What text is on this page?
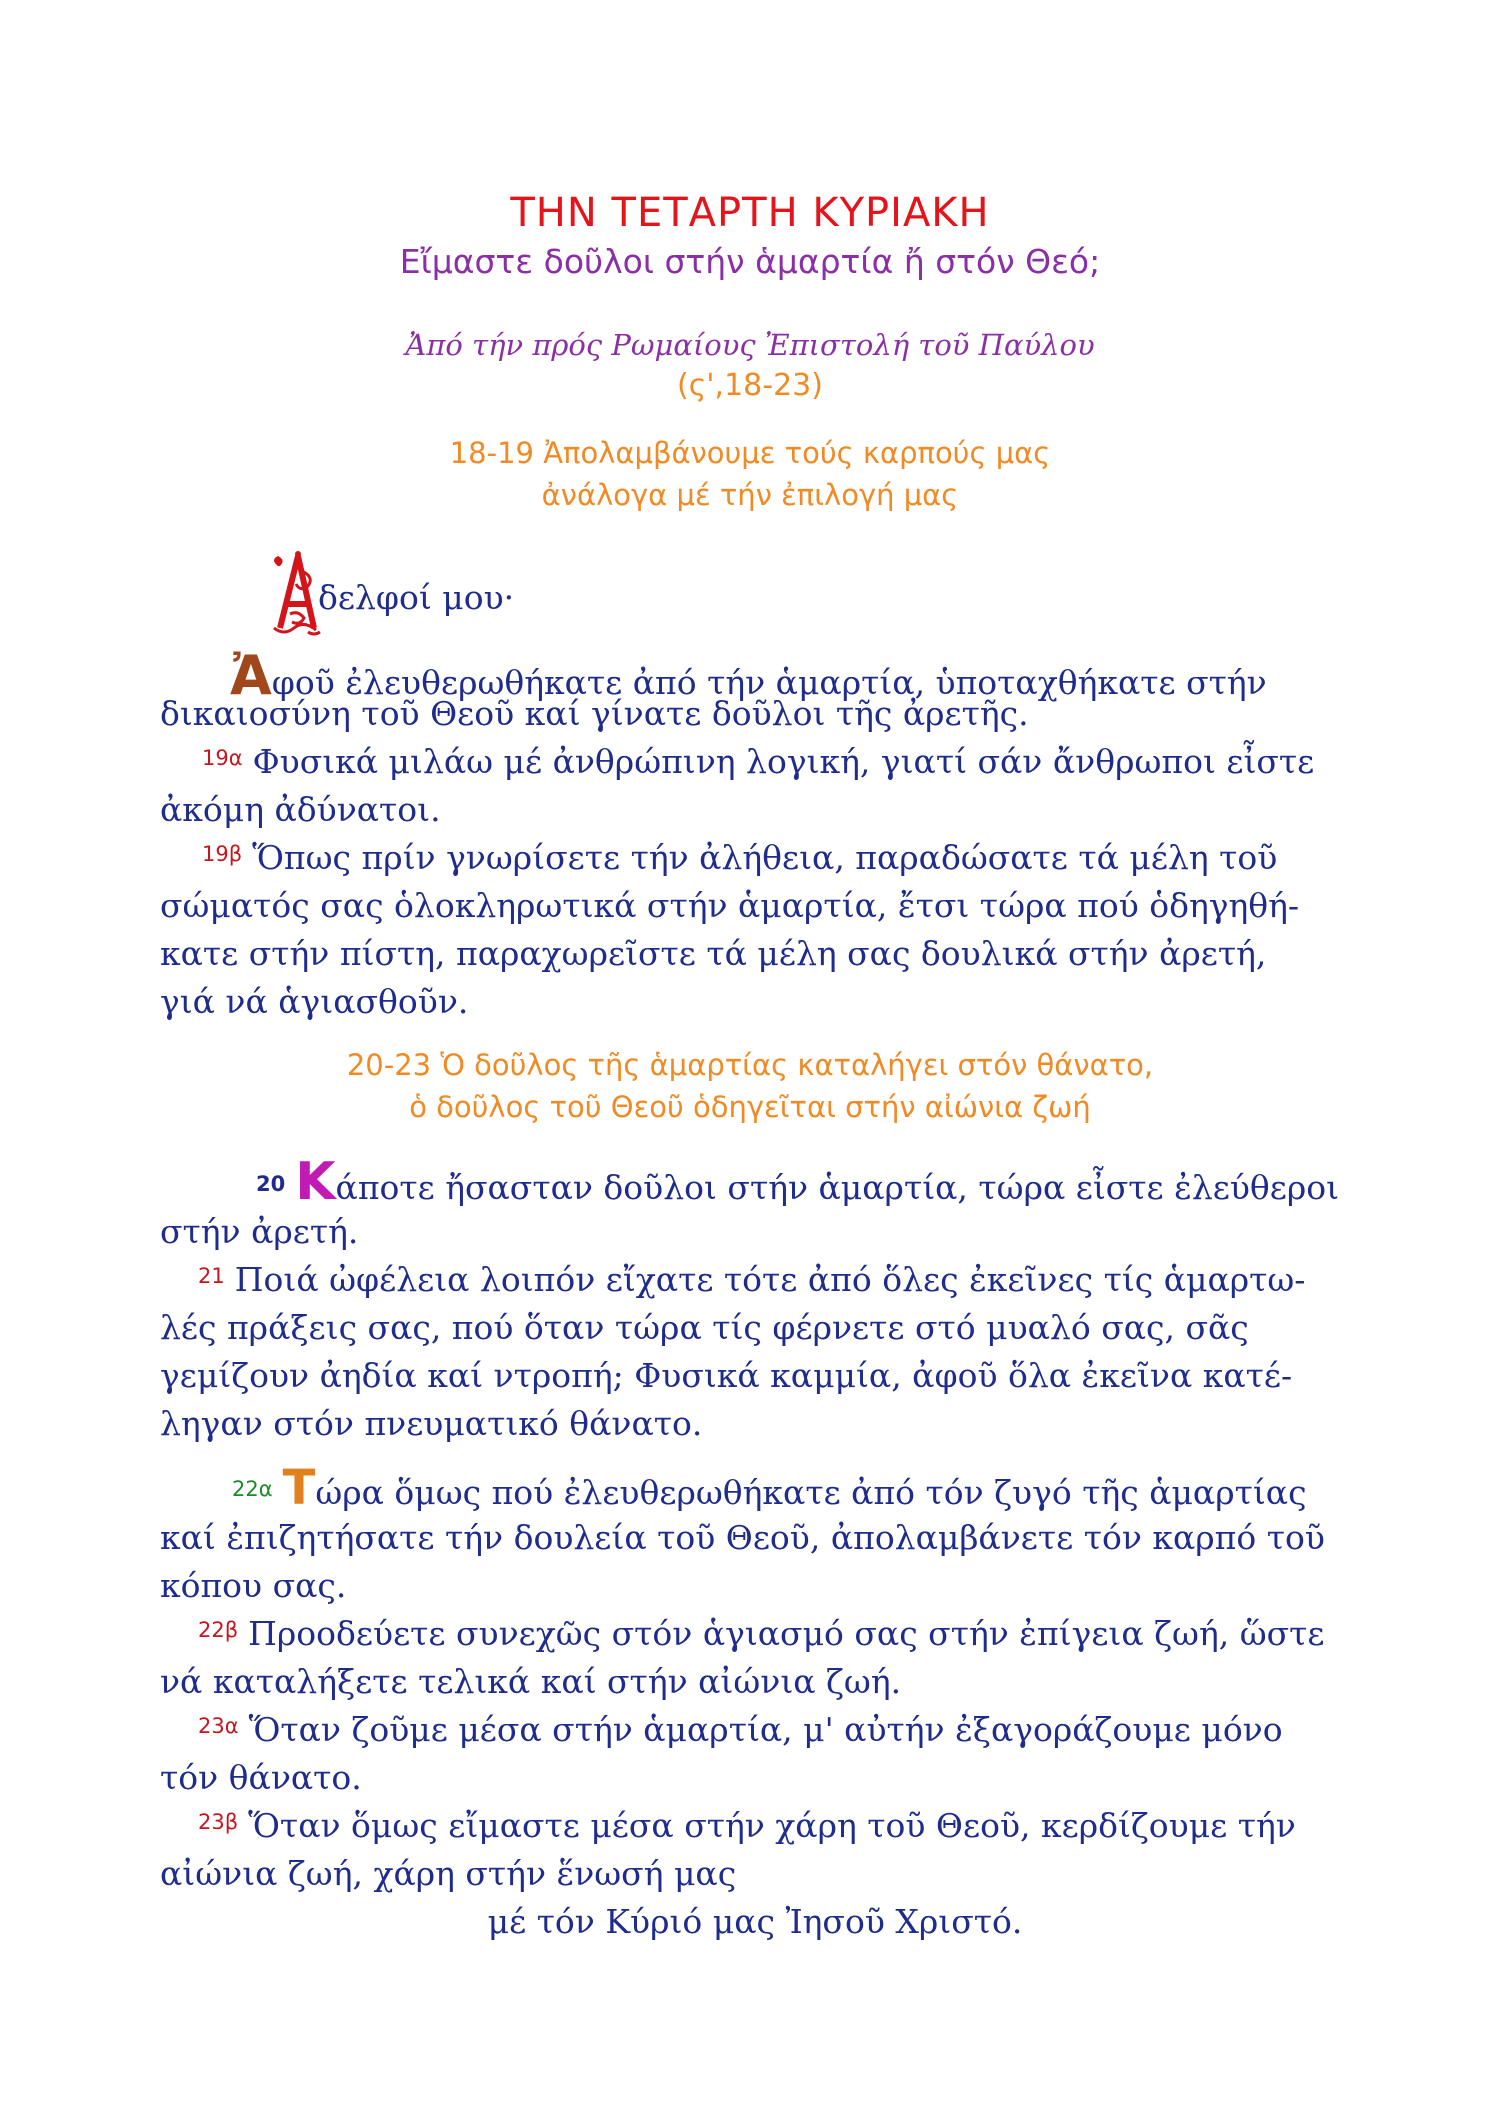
ΤΗΝ ΤΕΤΑΡΤΗ ΚΥΡΙΑΚΗ
Εἴμαστε δοῦλοι στήν ἁμαρτία ἤ στόν Θεό;
Ἀπό τήν πρός Ρωμαίους Ἐπιστολή τοῦ Παύλου
(ς',18-23)
18-19 Ἀπολαμβάνουμε τούς καρπούς μας
ἀνάλογα μέ τήν ἐπιλογή μας
δελφοί μου·
Ἀφοῦ ἐλευθερωθήκατε ἀπό τήν ἁμαρτία, ὑποταχθήκατε στήν
δικαιοσύνη τοῦ Θεοῦ καί γίνατε δοῦλοι τῆς ἀρετῆς.
19α Φυσικά μιλάω μέ ἀνθρώπινη λογική, γιατί σάν ἄνθρωποι εἶστε
ἀκόμη ἀδύνατοι.
19β Ὅπως πρίν γνωρίσετε τήν ἀλήθεια, παραδώσατε τά μέλη τοῦ
σώματός σας ὁλοκληρωτικά στήν ἁμαρτία, ἔτσι τώρα πού ὁδηγηθή-
κατε στήν πίστη, παραχωρεῖστε τά μέλη σας δουλικά στήν ἀρετή,
γιά νά ἁγιασθοῦν.
20-23 Ὁ δοῦλος τῆς ἁμαρτίας καταλήγει στόν θάνατο,
ὁ δοῦλος τοῦ Θεοῦ ὁδηγεῖται στήν αἰώνια ζωή
20 Κ άποτε ἤσασταν δοῦλοι στήν ἁμαρτία, τώρα εἶστε ἐλεύθεροι
στήν ἀρετή.
21 Ποιά ὠφέλεια λοιπόν εἴχατε τότε ἀπό ὅλες ἐκεῖνες τίς ἁμαρτω-
λές πράξεις σας, πού ὅταν τώρα τίς φέρνετε στό μυαλό σας, σᾶς
γεμίζουν ἀηδία καί ντροπή; Φυσικά καμμία, ἀφοῦ ὅλα ἐκεῖνα κατέ-
ληγαν στόν πνευματικό θάνατο.
22α Τ ώρα ὅμως πού ἐλευθερωθήκατε ἀπό τόν ζυγό τῆς ἁμαρτίας
καί ἐπιζητήσατε τήν δουλεία τοῦ Θεοῦ, ἀπολαμβάνετε τόν καρπό τοῦ
κόπου σας.
22β Προοδεύετε συνεχῶς στόν ἁγιασμό σας στήν ἐπίγεια ζωή, ὥστε
νά καταλήξετε τελικά καί στήν αἰώνια ζωή.
23α Ὅταν ζοῦμε μέσα στήν ἁμαρτία, μ' αὐτήν ἐξαγοράζουμε μόνο
τόν θάνατο.
23β Ὅταν ὅμως εἴμαστε μέσα στήν χάρη τοῦ Θεοῦ, κερδίζουμε τήν
αἰώνια ζωή, χάρη στήν ἕνωσή μας
μέ τόν Κύριό μας Ἰησοῦ Χριστό.
